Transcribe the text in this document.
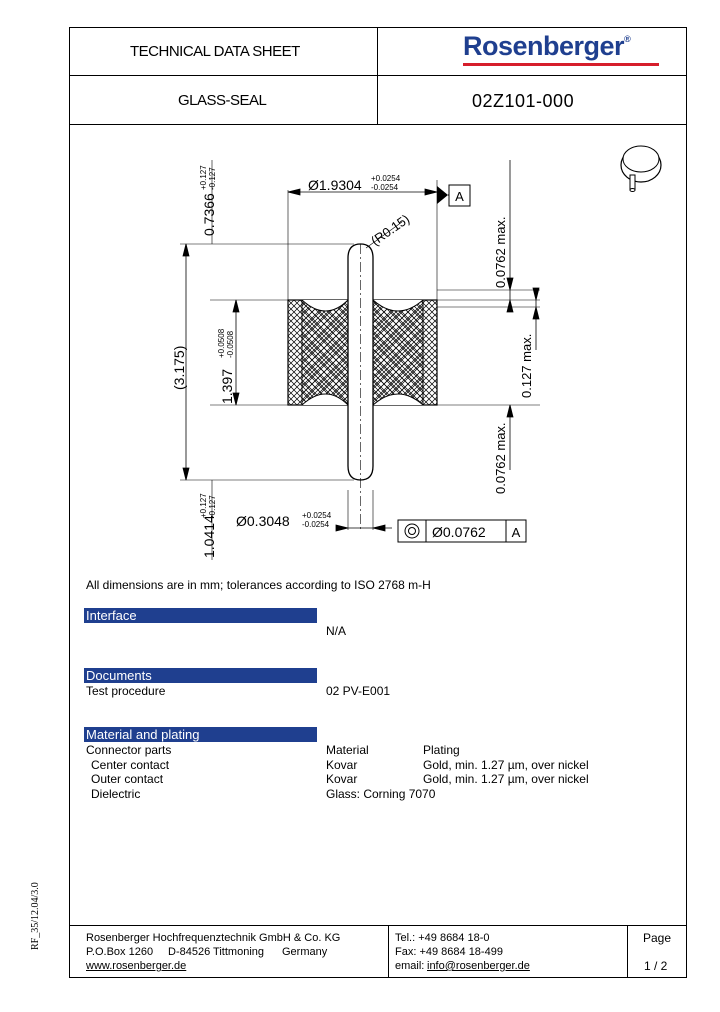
TECHNICAL DATA SHEET
GLASS-SEAL	02Z101-000
Rosenberger®
A
(R0.15)
Ø1.9304 +0.0254
-0.0254
0.7366
+0.127 -0.127
(3.175) 1.397
+0.0508 -0.0508
1.0414
+0.127 -0.127
Ø0.3048 +0.0254
-0.0254
0.0762 max.
0.127 max.
0.0762 max.
Ø0.0762 A
All dimensions are in mm; tolerances according to ISO 2768 m-H
Interface
N/A
Documents
Test procedure	02 PV-E001
Material and plating
Connector parts	Material	Plating
Center contact	Kovar	Gold, min. 1.27 µm, over nickel
Outer contact	Kovar	Gold, min. 1.27 µm, over nickel
Dielectric	Glass: Corning 7070
Rosenberger Hochfrequenztechnik GmbH & Co. KG
P.O.Box 1260 D-84526 Tittmoning Germany
www.rosenberger.de
Tel.: +49 8684 18-0
Fax: +49 8684 18-499
email: info@rosenberger.de
Page
1 / 2
RF_35/12.04/3.0
